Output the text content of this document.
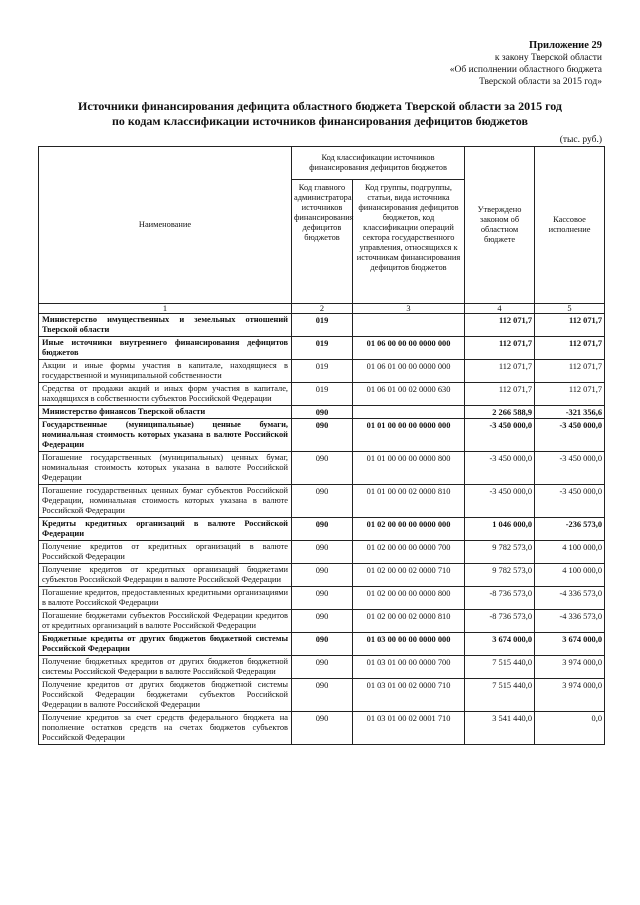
Приложение 29
к закону Тверской области
«Об исполнении областного бюджета
Тверской области за 2015 год»
Источники финансирования дефицита областного бюджета Тверской области за 2015 год
по кодам классификации источников финансирования дефицитов бюджетов
(тыс. руб.)
Наименование	Код классификации источников финансирования дефицитов бюджетов		Утверждено законом об областном бюджете	Кассовое исполнение
	Код главного администратора источников финансирования дефицитов бюджетов	Код группы, подгруппы, статьи, вида источника финансирования дефицитов бюджетов, код классификации операций сектора государственного управления, относящихся к источникам финансирования дефицитов бюджетов		
1	2	3	4	5
Министерство имущественных и земельных отношений Тверской области	019		112 071,7	112 071,7
Иные источники внутреннего финансирования дефицитов бюджетов	019	01 06 00 00 00 0000 000	112 071,7	112 071,7
Акции и иные формы участия в капитале, находящиеся в государственной и муниципальной собственности	019	01 06 01 00 00 0000 000	112 071,7	112 071,7
Средства от продажи акций и иных форм участия в капитале, находящихся в собственности субъектов Российской Федерации	019	01 06 01 00 02 0000 630	112 071,7	112 071,7
Министерство финансов Тверской области	090		2 266 588,9	-321 356,6
Государственные (муниципальные) ценные бумаги, номинальная стоимость которых указана в валюте Российской Федерации	090	01 01 00 00 00 0000 000	-3 450 000,0	-3 450 000,0
Погашение государственных (муниципальных) ценных бумаг, номинальная стоимость которых указана в валюте Российской Федерации	090	01 01 00 00 00 0000 800	-3 450 000,0	-3 450 000,0
Погашение государственных ценных бумаг субъектов Российской Федерации, номинальная стоимость которых указана в валюте Российской Федерации	090	01 01 00 00 02 0000 810	-3 450 000,0	-3 450 000,0
Кредиты кредитных организаций в валюте Российской Федерации	090	01 02 00 00 00 0000 000	1 046 000,0	-236 573,0
Получение кредитов от кредитных организаций в валюте Российской Федерации	090	01 02 00 00 00 0000 700	9 782 573,0	4 100 000,0
Получение кредитов от кредитных организаций бюджетами субъектов Российской Федерации в валюте Российской Федерации	090	01 02 00 00 02 0000 710	9 782 573,0	4 100 000,0
Погашение кредитов, предоставленных кредитными организациями в валюте Российской Федерации	090	01 02 00 00 00 0000 800	-8 736 573,0	-4 336 573,0
Погашение бюджетами субъектов Российской Федерации кредитов от кредитных организаций в валюте Российской Федерации	090	01 02 00 00 02 0000 810	-8 736 573,0	-4 336 573,0
Бюджетные кредиты от других бюджетов бюджетной системы Российской Федерации	090	01 03 00 00 00 0000 000	3 674 000,0	3 674 000,0
Получение бюджетных кредитов от других бюджетов бюджетной системы Российской Федерации в валюте Российской Федерации	090	01 03 01 00 00 0000 700	7 515 440,0	3 974 000,0
Получение кредитов от других бюджетов бюджетной системы Российской Федерации бюджетами субъектов Российской Федерации в валюте Российской Федерации	090	01 03 01 00 02 0000 710	7 515 440,0	3 974 000,0
Получение кредитов за счет средств федерального бюджета на пополнение остатков средств на счетах бюджетов субъектов Российской Федерации	090	01 03 01 00 02 0001 710	3 541 440,0	0,0
